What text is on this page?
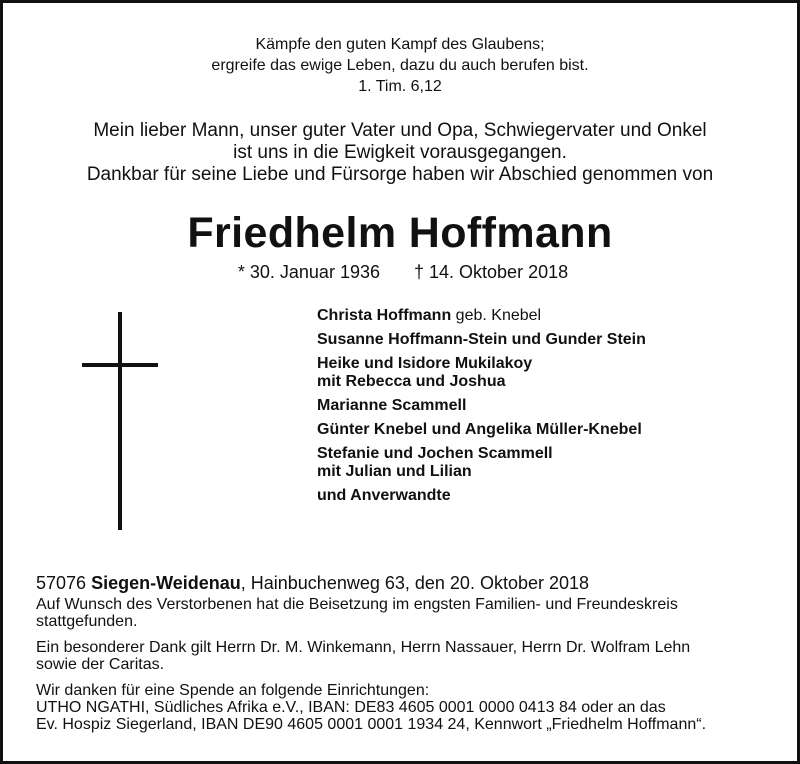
Kämpfe den guten Kampf des Glaubens;
ergreife das ewige Leben, dazu du auch berufen bist.
1. Tim. 6,12
Mein lieber Mann, unser guter Vater und Opa, Schwiegervater und Onkel
ist uns in die Ewigkeit vorausgegangen.
Dankbar für seine Liebe und Fürsorge haben wir Abschied genommen von
Friedhelm Hoffmann
* 30. Januar 1936 † 14. Oktober 2018
Christa Hoffmann geb. Knebel
Susanne Hoffmann-Stein und Gunder Stein
Heike und Isidore Mukilakoy
mit Rebecca und Joshua
Marianne Scammell
Günter Knebel und Angelika Müller-Knebel
Stefanie und Jochen Scammell
mit Julian und Lilian
und Anverwandte
57076 Siegen-Weidenau, Hainbuchenweg 63, den 20. Oktober 2018
Auf Wunsch des Verstorbenen hat die Beisetzung im engsten Familien- und Freundeskreis
stattgefunden.
Ein besonderer Dank gilt Herrn Dr. M. Winkemann, Herrn Nassauer, Herrn Dr. Wolfram Lehn
sowie der Caritas.
Wir danken für eine Spende an folgende Einrichtungen:
UTHO NGATHI, Südliches Afrika e.V., IBAN: DE83 4605 0001 0000 0413 84 oder an das
Ev. Hospiz Siegerland, IBAN DE90 4605 0001 0001 1934 24, Kennwort „Friedhelm Hoffmann“.
